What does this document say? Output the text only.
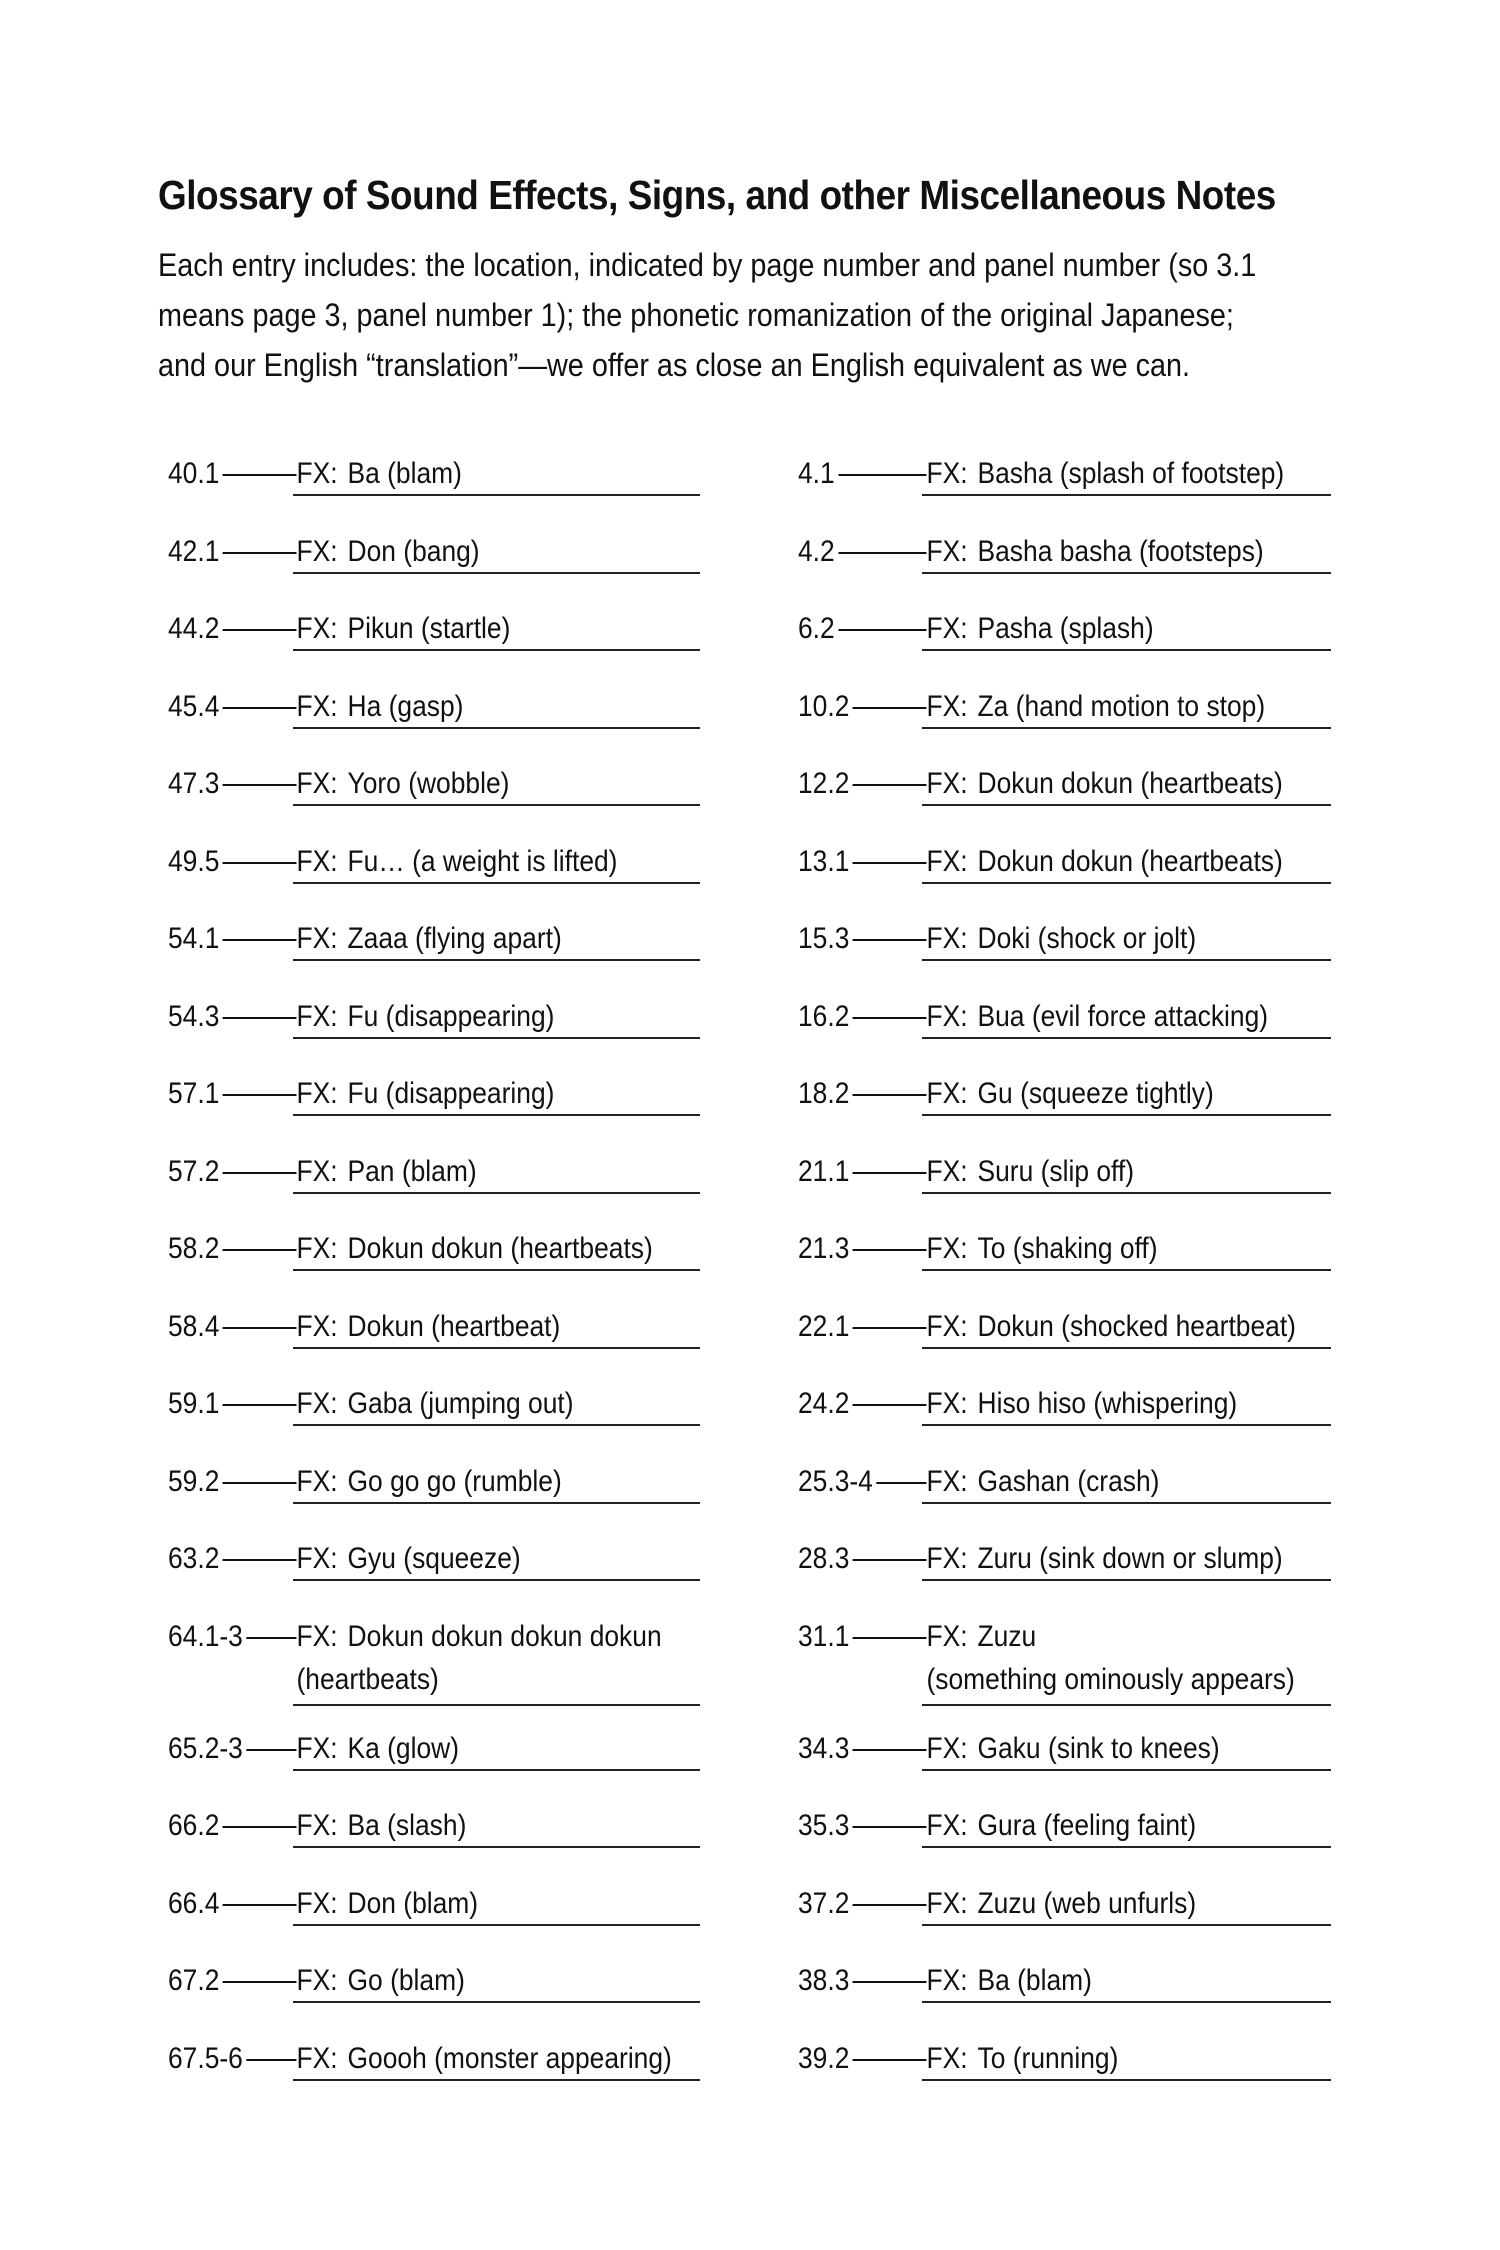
Glossary of Sound Effects, Signs, and other Miscellaneous Notes

Each entry includes: the location, indicated by page number and panel number (so 3.1
means page 3, panel number 1); the phonetic romanization of the original Japanese;
and our English “translation”—we offer as close an English equivalent as we can.

40.1	FX: Ba (blam)
42.1	FX: Don (bang)
44.2	FX: Pikun (startle)
45.4	FX: Ha (gasp)
47.3	FX: Yoro (wobble)
49.5	FX: Fu… (a weight is lifted)
54.1	FX: Zaaa (flying apart)
54.3	FX: Fu (disappearing)
57.1	FX: Fu (disappearing)
57.2	FX: Pan (blam)
58.2	FX: Dokun dokun (heartbeats)
58.4	FX: Dokun (heartbeat)
59.1	FX: Gaba (jumping out)
59.2	FX: Go go go (rumble)
63.2	FX: Gyu (squeeze)
64.1-3 FX: Dokun dokun dokun dokun
(heartbeats)
65.2-3 FX: Ka (glow)
66.2	FX: Ba (slash)
66.4	FX: Don (blam)
67.2	FX: Go (blam)
67.5-6 FX: Goooh (monster appearing)
4.1	FX: Basha (splash of footstep)
4.2	FX: Basha basha (footsteps)
6.2	FX: Pasha (splash)
10.2	FX: Za (hand motion to stop)
12.2	FX: Dokun dokun (heartbeats)
13.1	FX: Dokun dokun (heartbeats)
15.3	FX: Doki (shock or jolt)
16.2	FX: Bua (evil force attacking)
18.2	FX: Gu (squeeze tightly)
21.1	FX: Suru (slip off)
21.3	FX: To (shaking off)
22.1	FX: Dokun (shocked heartbeat)
24.2	FX: Hiso hiso (whispering)
25.3-4 FX: Gashan (crash)
28.3	FX: Zuru (sink down or slump)
31.1	FX: Zuzu
(something ominously appears)
34.3	FX: Gaku (sink to knees)
35.3	FX: Gura (feeling faint)
37.2	FX: Zuzu (web unfurls)
38.3	FX: Ba (blam)
39.2	FX: To (running)
